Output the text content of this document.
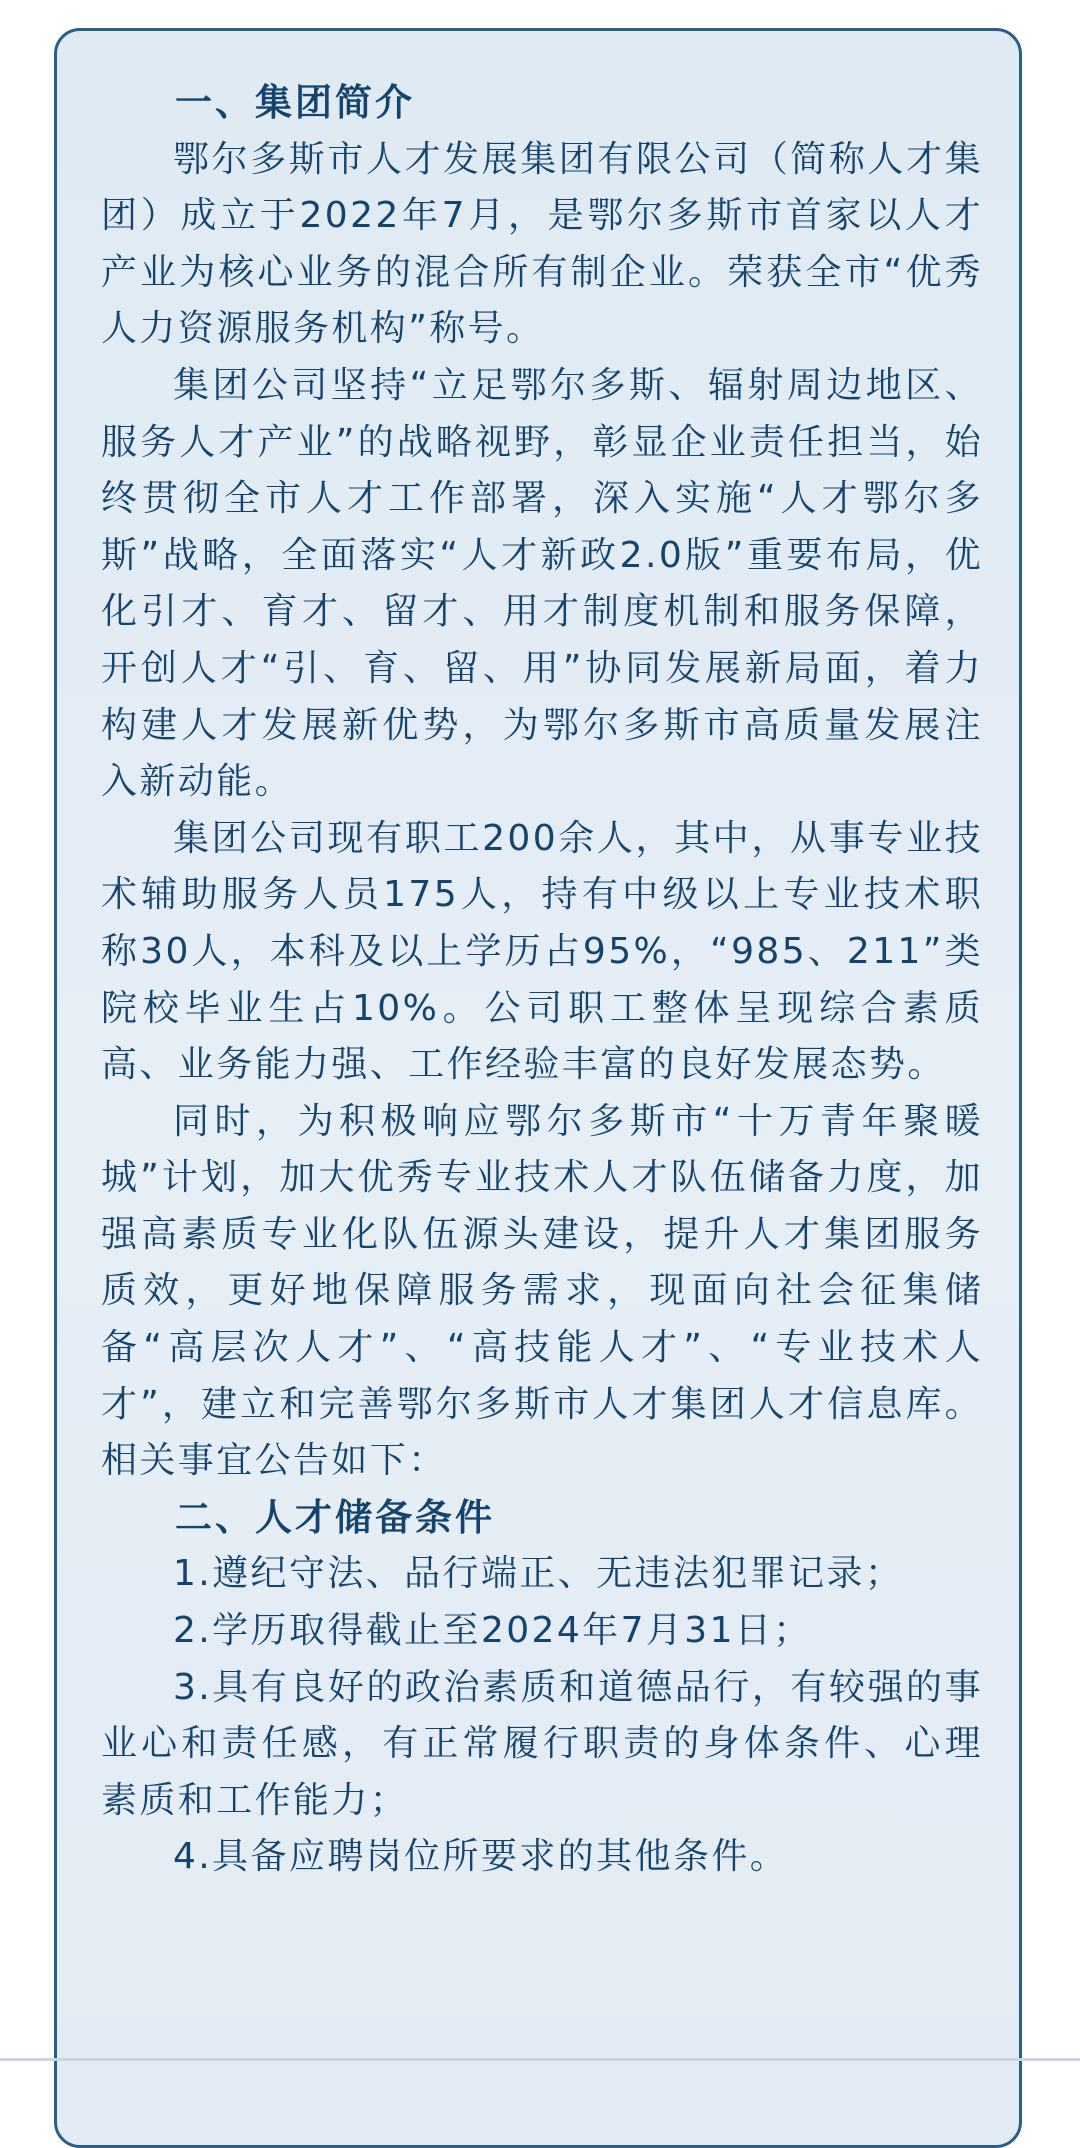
一、集团简介

鄂尔多斯市人才发展集团有限公司（简称人才集团）成立于2022年7月，是鄂尔多斯市首家以人才产业为核心业务的混合所有制企业。荣获全市“优秀人力资源服务机构”称号。

集团公司坚持“立足鄂尔多斯、辐射周边地区、服务人才产业”的战略视野，彰显企业责任担当，始终贯彻全市人才工作部署，深入实施“人才鄂尔多斯”战略，全面落实“人才新政2.0版”重要布局，优化引才、育才、留才、用才制度机制和服务保障，开创人才“引、育、留、用”协同发展新局面，着力构建人才发展新优势，为鄂尔多斯市高质量发展注入新动能。

集团公司现有职工200余人，其中，从事专业技术辅助服务人员175人，持有中级以上专业技术职称30人，本科及以上学历占95%，“985、211”类院校毕业生占10%。公司职工整体呈现综合素质高、业务能力强、工作经验丰富的良好发展态势。

同时，为积极响应鄂尔多斯市“十万青年聚暖城”计划，加大优秀专业技术人才队伍储备力度，加强高素质专业化队伍源头建设，提升人才集团服务质效，更好地保障服务需求，现面向社会征集储备“高层次人才”、“高技能人才”、“专业技术人才”，建立和完善鄂尔多斯市人才集团人才信息库。相关事宜公告如下：

二、人才储备条件

1.遵纪守法、品行端正、无违法犯罪记录；

2.学历取得截止至2024年7月31日；

3.具有良好的政治素质和道德品行，有较强的事业心和责任感，有正常履行职责的身体条件、心理素质和工作能力；

4.具备应聘岗位所要求的其他条件。
